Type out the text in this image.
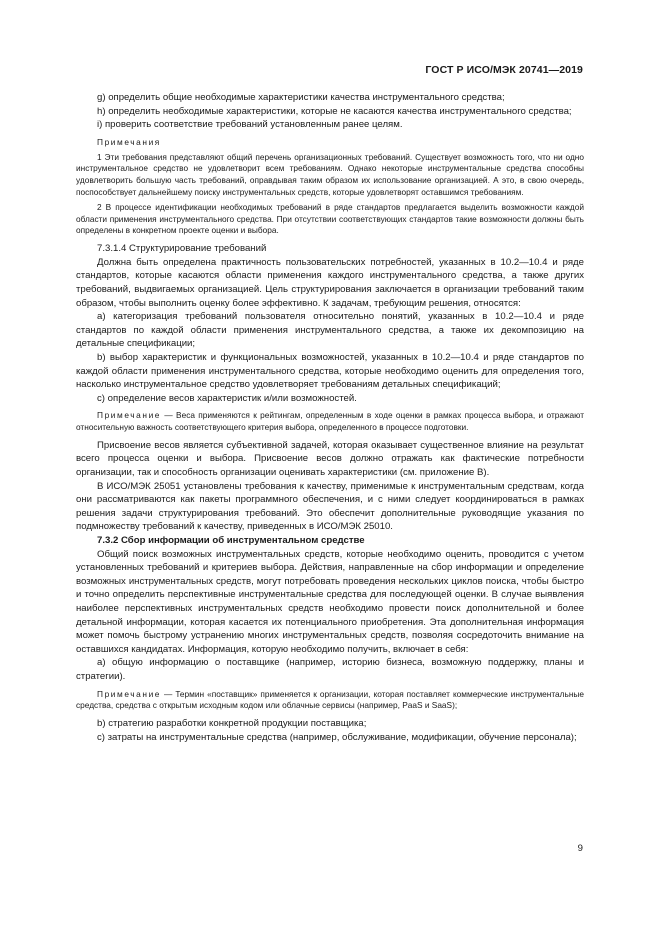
ГОСТ Р ИСО/МЭК 20741—2019

g) определить общие необходимые характеристики качества инструментального средства;

h) определить необходимые характеристики, которые не касаются качества инструментального средства;

i) проверить соответствие требований установленным ранее целям.

Примечания

1 Эти требования представляют общий перечень организационных требований. Существует возможность того, что ни одно инструментальное средство не удовлетворит всем требованиям. Однако некоторые инструментальные средства способны удовлетворить большую часть требований, оправдывая таким образом их использование организацией. А это, в свою очередь, поспособствует дальнейшему поиску инструментальных средств, которые удовлетворят оставшимся требованиям.

2 В процессе идентификации необходимых требований в ряде стандартов предлагается выделить возможности каждой области применения инструментального средства. При отсутствии соответствующих стандартов такие возможности должны быть определены в конкретном проекте оценки и выбора.

7.3.1.4 Структурирование требований

Должна быть определена практичность пользовательских потребностей, указанных в 10.2—10.4 и ряде стандартов, которые касаются области применения каждого инструментального средства, а также других требований, выдвигаемых организацией. Цель структурирования заключается в организации требований таким образом, чтобы выполнить оценку более эффективно. К задачам, требующим решения, относятся:

а) категоризация требований пользователя относительно понятий, указанных в 10.2—10.4 и ряде стандартов по каждой области применения инструментального средства, а также их декомпозицию на детальные спецификации;

b) выбор характеристик и функциональных возможностей, указанных в 10.2—10.4 и ряде стандартов по каждой области применения инструментального средства, которые необходимо оценить для определения того, насколько инструментальное средство удовлетворяет требованиям детальных спецификаций;

с) определение весов характеристик и/или возможностей.

Примечание — Веса применяются к рейтингам, определенным в ходе оценки в рамках процесса выбора, и отражают относительную важность соответствующего критерия выбора, определенного в процессе подготовки.

Присвоение весов является субъективной задачей, которая оказывает существенное влияние на результат всего процесса оценки и выбора. Присвоение весов должно отражать как фактические потребности организации, так и способность организации оценивать характеристики (см. приложение В).

В ИСО/МЭК 25051 установлены требования к качеству, применимые к инструментальным средствам, когда они рассматриваются как пакеты программного обеспечения, и с ними следует координироваться в рамках решения задачи структурирования требований. Это обеспечит дополнительные руководящие указания по подмножеству требований к качеству, приведенных в ИСО/МЭК 25010.

7.3.2 Сбор информации об инструментальном средстве

Общий поиск возможных инструментальных средств, которые необходимо оценить, проводится с учетом установленных требований и критериев выбора. Действия, направленные на сбор информации и определение возможных инструментальных средств, могут потребовать проведения нескольких циклов поиска, чтобы быстро и точно определить перспективные инструментальные средства для последующей оценки. В случае выявления наиболее перспективных инструментальных средств необходимо провести поиск дополнительной и более детальной информации, которая касается их потенциального приобретения. Эта дополнительная информация может помочь быстрому устранению многих инструментальных средств, позволяя сосредоточить внимание на оставшихся кандидатах. Информация, которую необходимо получить, включает в себя:

а) общую информацию о поставщике (например, историю бизнеса, возможную поддержку, планы и стратегии).

Примечание — Термин «поставщик» применяется к организации, которая поставляет коммерческие инструментальные средства, средства с открытым исходным кодом или облачные сервисы (например, PaaS и SaaS);

b) стратегию разработки конкретной продукции поставщика;

c) затраты на инструментальные средства (например, обслуживание, модификации, обучение персонала);

9
